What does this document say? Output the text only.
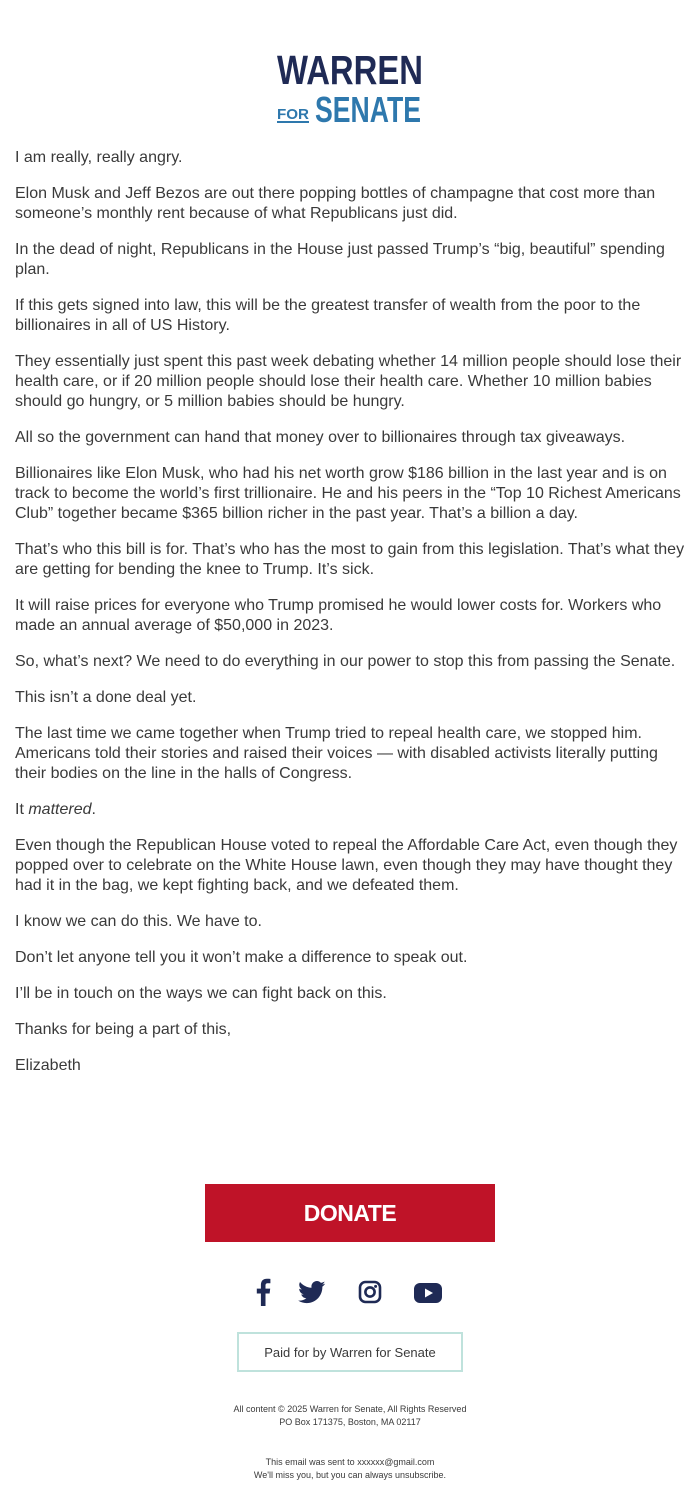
WARREN
FOR SENATE

I am really, really angry.

Elon Musk and Jeff Bezos are out there popping bottles of champagne that cost more than someone’s monthly rent because of what Republicans just did.

In the dead of night, Republicans in the House just passed Trump’s “big, beautiful” spending plan.

If this gets signed into law, this will be the greatest transfer of wealth from the poor to the billionaires in all of US History.

They essentially just spent this past week debating whether 14 million people should lose their health care, or if 20 million people should lose their health care. Whether 10 million babies should go hungry, or 5 million babies should be hungry.

All so the government can hand that money over to billionaires through tax giveaways.

Billionaires like Elon Musk, who had his net worth grow $186 billion in the last year and is on track to become the world’s first trillionaire. He and his peers in the “Top 10 Richest Americans Club” together became $365 billion richer in the past year. That’s a billion a day.

That’s who this bill is for. That’s who has the most to gain from this legislation. That’s what they are getting for bending the knee to Trump. It’s sick.

It will raise prices for everyone who Trump promised he would lower costs for. Workers who made an annual average of $50,000 in 2023.

So, what’s next? We need to do everything in our power to stop this from passing the Senate.

This isn’t a done deal yet.

The last time we came together when Trump tried to repeal health care, we stopped him. Americans told their stories and raised their voices — with disabled activists literally putting their bodies on the line in the halls of Congress.

It mattered.

Even though the Republican House voted to repeal the Affordable Care Act, even though they popped over to celebrate on the White House lawn, even though they may have thought they had it in the bag, we kept fighting back, and we defeated them.

I know we can do this. We have to.

Don’t let anyone tell you it won’t make a difference to speak out.

I’ll be in touch on the ways we can fight back on this.

Thanks for being a part of this,

Elizabeth

DONATE
Paid for by Warren for Senate
All content © 2025 Warren for Senate, All Rights Reserved
PO Box 171375, Boston, MA 02117
This email was sent to xxxxxx@gmail.com
We'll miss you, but you can always unsubscribe.
